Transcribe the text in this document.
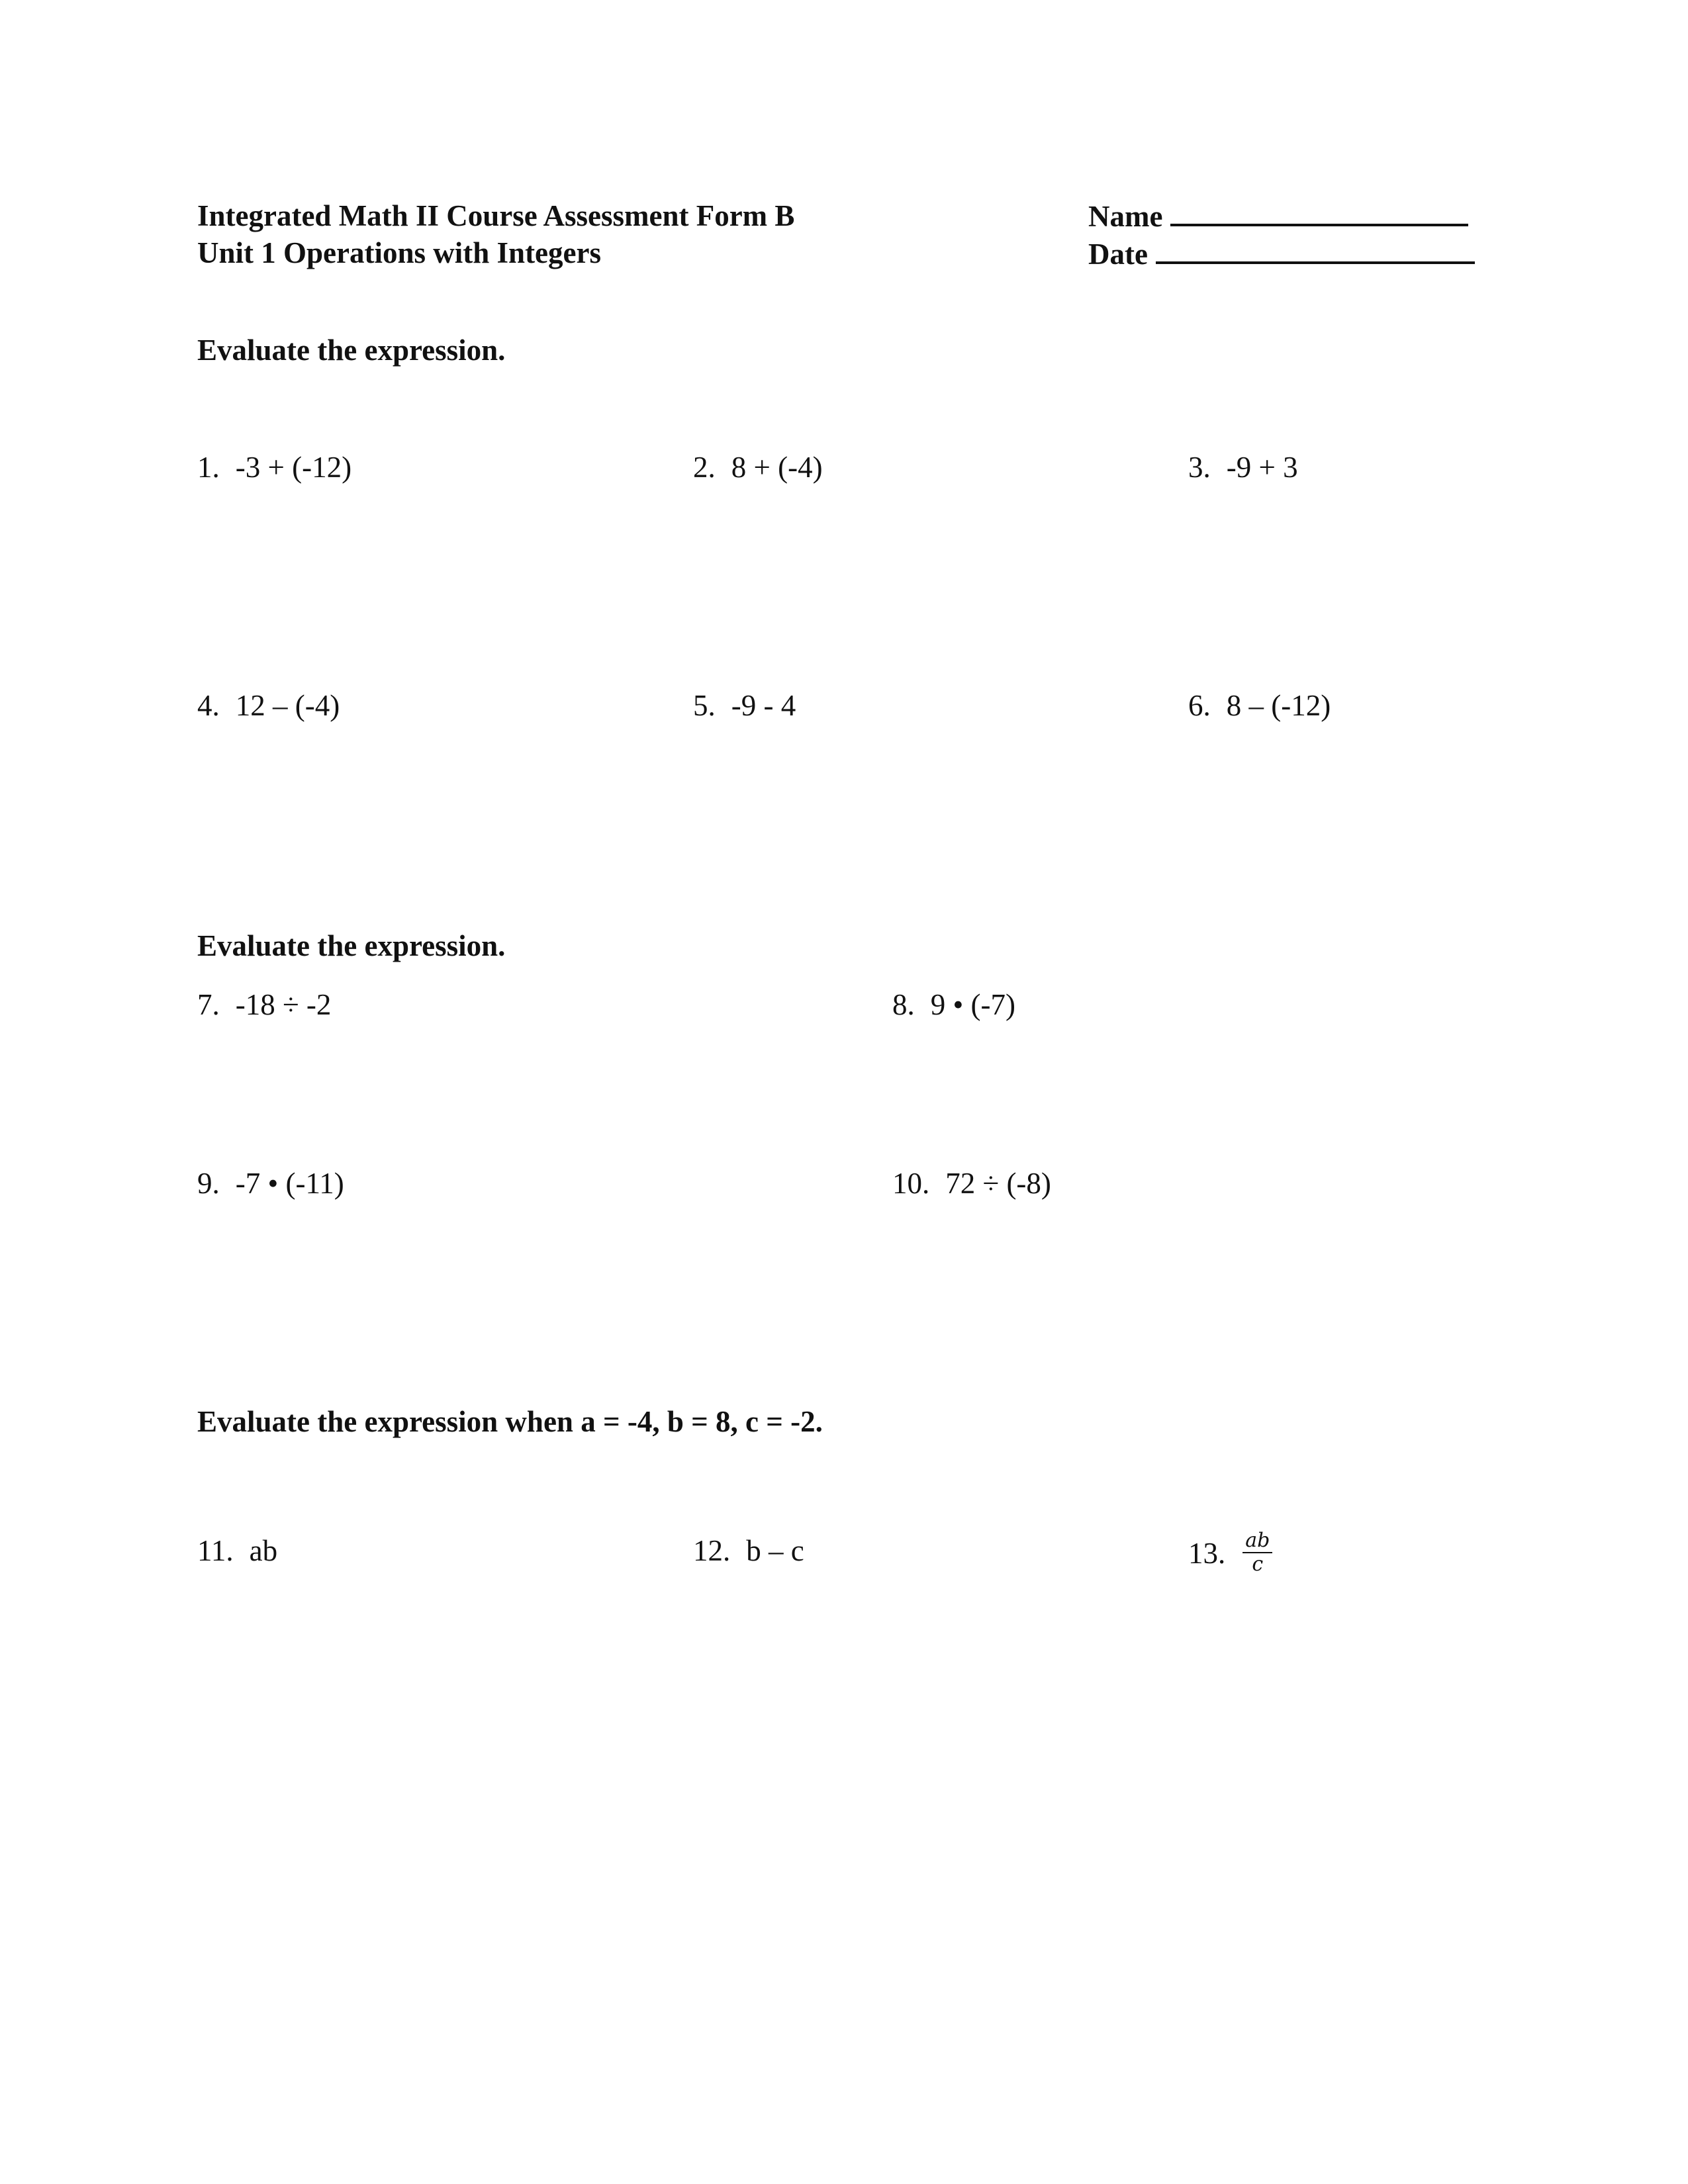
Integrated Math II Course Assessment Form B
Unit 1 Operations with Integers
Name
Date
Evaluate the expression.
1. -3 + (-12)	2. 8 + (-4)	3. -9 + 3
4. 12 – (-4)	5. -9 - 4	6. 8 – (-12)
Evaluate the expression.
7. -18 ÷ -2	8. 9 • (-7)
9. -7 • (-11)	10. 72 ÷ (-8)
Evaluate the expression when a = -4, b = 8, c = -2.
11. ab	12. b – c	13. $\frac{ab}{c}$
